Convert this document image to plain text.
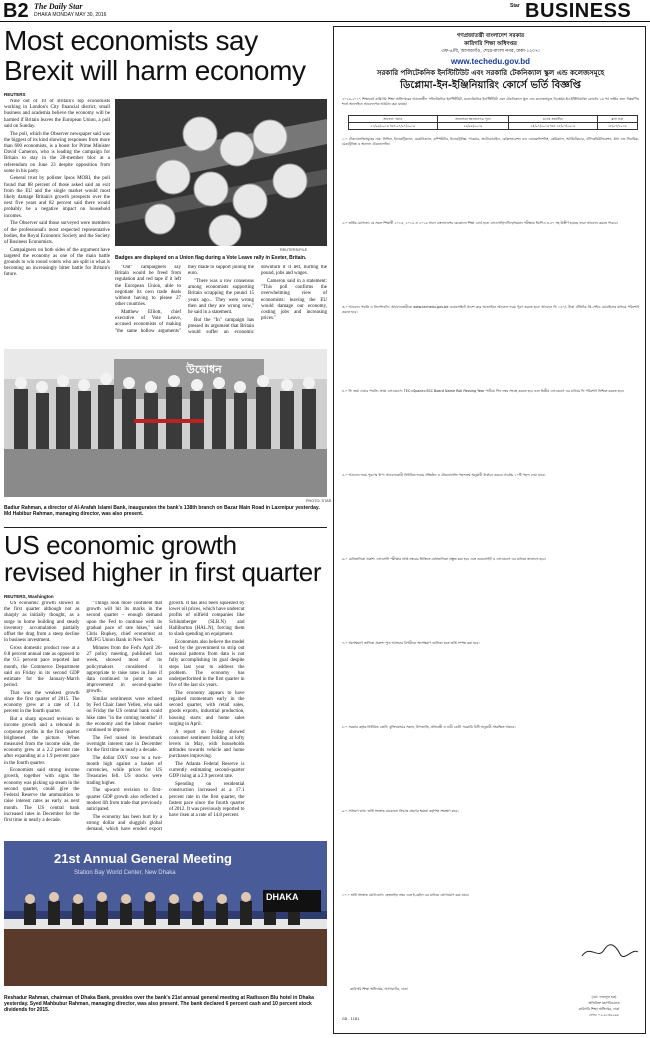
B2 The Daily Star
DHAKA MONDAY MAY 30, 2016
Star BUSINESS
Most economists say Brexit will harm economy
REUTERS

Nine out of 10 of Britain's top economists working in London's City financial district, small business and academia believe the economy will be harmed if Britain leaves the European Union, a poll said on Sunday.

The poll, which the Observer newspaper said was the biggest of its kind showing responses from more than 600 economists, is a boost for Prime Minister David Cameron, who is leading the campaign for Britain to stay in the 28-member bloc at a referendum on June 23 despite opposition from some in his party.

General trust by pollster Ipsos MORI, the poll found that 88 percent of those asked said an exit from the EU and the single market would most likely damage Britain's growth prospects over the next five years and 82 percent said there would probably be a negative impact on household incomes.

The Observer said those surveyed were members of the professional's most respected representative bodies, the Royal Economic Society and the Society of Business Economists.

Campaigners on both sides of the argument have targeted the economy as one of the main battle grounds to win round voters who are split in what is becoming an increasingly bitter battle for Britain's future.

REUTERS/FILE
Badges are displayed on a Union flag during a Vote Leave rally in Exeter, Britain.

"Out" campaigners say Britain would be freed from regulation and red tape if it left the European Union, able to negotiate its own trade deals without having to please 27 other countries.

Matthew Elliott, chief executive of Vote Leave, accused economists of making "the same hollow arguments" they made to support joining the euro.

"There was a row consensus among economists supporting Britain scrapping the pound 15 years ago... They were wrong then and they are wrong now," he said in a statement.

But the "In" campaign has pressed its argument that Britain would suffer an economic downturn if it left, hurting the pound, jobs and wages.

Cameron said in a statement: "This poll confirms the overwhelming view of economists: leaving the EU would damage our economy, costing jobs and increasing prices."

উদ্বোধন
PHOTO: STAR
Badiur Rahman, a director of Al-Arafah Islami Bank, inaugurates the bank's 138th branch on Bazar Main Road in Laxmipur yesterday. Md Habibur Rahman, managing director, was also present.
US economic growth revised higher in first quarter
REUTERS, Washington

US economic growth slowed in the first quarter although not as sharply as initially thought, as a surge in home building and steady inventory accumulation partially offset the drag from a steep decline in business investment.

Gross domestic product rose at a 0.8 percent annual rate as opposed to the 0.5 percent pace reported last month, the Commerce Department said on Friday in its second GDP estimate for the January-March period.

That was the weakest growth since the first quarter of 2015. The economy grew at a rate of 1.4 percent in the fourth quarter.

But a sharp upward revision to income growth and a rebound in corporate profits in the first quarter brightened the picture. When measured from the income side, the economy grew at a 2.2 percent rate after expanding at a 1.9 percent pace in the fourth quarter.

Economists said strong income growth, together with signs the economy was picking up steam in the second quarter, could give the Federal Reserve the ammunition to raise interest rates as early as next month. The US central bank increased rates in December for the first time in nearly a decade.

"Things look more confident that growth will hit its marks in the second quarter – enough demand upon the Fed to continue with its gradual pace of rate hikes," said Chris Rupkey, chief economist at MUFG Union Bank in New York.

Minutes from the Fed's April 26-27 policy meeting, published last week, showed most of its policymakers considered it appropriate to raise rates in June if data continued to point to an improvement in second-quarter growth.

Similar sentiments were echoed by Fed Chair Janet Yellen, who said on Friday the US central bank could hike rates "in the coming months" if the economy and the labour market continued to improve.

The Fed raised its benchmark overnight interest rate in December for the first time in nearly a decade.

The dollar DXY rose to a two-month high against a basket of currencies, while prices for US Treasuries fell. US stocks were trading higher.

The upward revision to first-quarter GDP growth also reflected a modest lift from trade that previously anticipated.

The economy has been hurt by a strong dollar and sluggish global demand, which have eroded export growth. It has also been squeezed by lower oil prices, which have undercut profits of oilfield companies like Schlumberger (SLB.N) and Halliburton (HAL.N), forcing them to slash spending on equipment.

Economists also believe the model used by the government to strip out seasonal patterns from data is not fully accomplishing its goal despite steps last year to address the problem. The economy has underperformed in the first quarter in five of the last six years.

The economy appears to have regained momentum early in the second quarter, with retail sales, goods exports, industrial production, housing starts and home sales surging in April.

A report on Friday showed consumer sentiment holding at lofty levels in May, with households attitudes towards vehicle and home purchases improving.

The Atlanta Federal Reserve is currently estimating second-quarter GDP rising at a 2.9 percent rate.

Spending on residential construction increased at a 17.1 percent rate in the first quarter, the fastest pace since the fourth quarter of 2012. It was previously reported to have risen at a rate of 14.8 percent.

21st Annual General Meeting
Station Bay World Center, New Dhaka
DHAKA
PHOTO: BANK
Reshadur Rahman, chairman of Dhaka Bank, presides over the bank's 21st annual general meeting at Radisson Blu hotel in Dhaka yesterday. Syed Mahbubur Rahman, managing director, was also present. The bank declared 6 percent cash and 10 percent stock dividends for 2015.
গণপ্রজাতন্ত্রী বাংলাদেশ সরকার
কারিগরি শিক্ষা অধিদপ্তর
এফ-৪/বি, আগারগাঁও, শেরে-বাংলা নগর, ঢাকা-১২০৭।
www.techedu.gov.bd
সরকারি পলিটেকনিক ইনস্টিটিউট এবং সরকারি টেকনিক্যাল স্কুল এন্ড কলেজসমূহে
ডিপ্লোমা-ইন-ইঞ্জিনিয়ারিং কোর্সে ভর্তি বিজ্ঞপ্তি
২০১৬-২০১৭ শিক্ষাবর্ষে কারিগরি শিক্ষা অধিদপ্তরের আওতাধীন পলিটেকনিক ইনস্টিটিউট, মনোটেকনিক ইনস্টিটিউট এবং টেকনিক্যাল স্কুল এন্ড কলেজসমূহে ডিপ্লোমা-ইন-ইঞ্জিনিয়ারিং কোর্সের ১ম পর্ব ভর্তির জন্য নিম্নবর্ণিত শর্তে অনলাইনে আবেদনপত্র আহ্বান করা যাচ্ছে।
আবেদন পদ্ধতি	অনলাইনে আবেদনপত্র পূরণ	ভর্তির সময়সীমা	ক্লাস শুরু
২৩/০৬/২০১৬ হতে ০৭/০৭/২০১৬	২৬/০৬/২০১৬	২৪/০৭/২০১৬ হতে ২৮/০৭/২০১৬	২৮/০৭/২০১৬
১.০ টেকনোলজিসমূহের নাম: সিভিল, ইলেকট্রিক্যাল, মেকানিক্যাল, কম্পিউটার, ইলেকট্রনিক্স, পাওয়ার, অটোমোবাইল, রেফ্রিজারেশন এন্ড এয়ারকন্ডিশনিং, কেমিক্যাল, আর্কিটেকচার, টেলিকমিউনিকেশন, গ্লাস এন্ড সিরামিক, মেকাট্রনিক্স ও অন্যান্য টেকনোলজি।
২.০ ভর্তির যোগ্যতা: যে সকল শিক্ষার্থী ২০১৪, ২০১৫ ও ২০১৬ সালে বাংলাদেশের যেকোনো শিক্ষা বোর্ড হতে এসএসসি/দাখিল/সমমান পরীক্ষায় জিপিএ ৩.৫০ সহ উত্তীর্ণ হয়েছে তারা আবেদন করতে পারবে।
৩.০ আবেদন পদ্ধতি ও নির্দেশাবলি: আবেদনকারীকে www.techedu.gov.bd ওয়েবসাইটে প্রবেশ করে অনলাইনে আবেদন ফরম পূরণ করতে হবে। আবেদন ফি ১৫০/- টাকা টেলিটক প্রি-পেইড মোবাইলের মাধ্যমে পরিশোধ করতে হবে।
৪.০ ফি জমা দেয়ার পদ্ধতি: প্রথম এসএমএস: TEC<Space>SSC Board Name Roll Passing Year পাঠিয়ে পিন নম্বর সংগ্রহ করতে হবে এবং দ্বিতীয় এসএমএস এর মাধ্যমে ফি পরিশোধ নিশ্চিত করতে হবে।
৫.০ আবেদন ফরম পূরণের ধাপ: আবেদনকারী নির্ধারিত ফরমে প্রতিষ্ঠান ও টেকনোলজি পছন্দক্রম অনুযায়ী নির্বাচন করবে। সর্বোচ্চ ১০টি পছন্দ দেয়া যাবে।
৬.০ মেধাতালিকা প্রকাশ: এসএসসি পরীক্ষার প্রাপ্ত নম্বরের ভিত্তিতে মেধাতালিকা প্রস্তুত করা হবে এবং ওয়েবসাইট ও এসএমএস এর মাধ্যমে জানানো হবে।
৭.০ অপেক্ষমাণ তালিকা প্রকাশ: শূন্য আসনের বিপরীতে অপেক্ষমাণ তালিকা হতে ভর্তি সম্পন্ন করা হবে।
৮.০ সরকার কর্তৃক নির্ধারিত কোটা: মুক্তিযোদ্ধার সন্তান, উপজাতি, প্রতিবন্ধী ও নারী কোটা সরকারি বিধি অনুযায়ী সংরক্ষিত থাকবে।
৯.০ সাধারণ তথ্য: ভর্তি সংক্রান্ত যেকোনো সিদ্ধান্ত গ্রহণের ক্ষমতা কর্তৃপক্ষ সংরক্ষণ করে।
১০.০ ভর্তি সংক্রান্ত যোগাযোগ: হেল্পলাইন নম্বর এবং ই-মেইল এর মাধ্যমে যোগাযোগ করা যাবে।
কারিগরি শিক্ষা অধিদপ্তর, আগারগাঁও, ঢাকা
GD - 1181
(মো: ফজলুল হক)
অতিরিক্ত মহাপরিচালক
কারিগরি শিক্ষা অধিদপ্তর, ঢাকা
ফোন: ০২-৯১৩৯২৯৮
